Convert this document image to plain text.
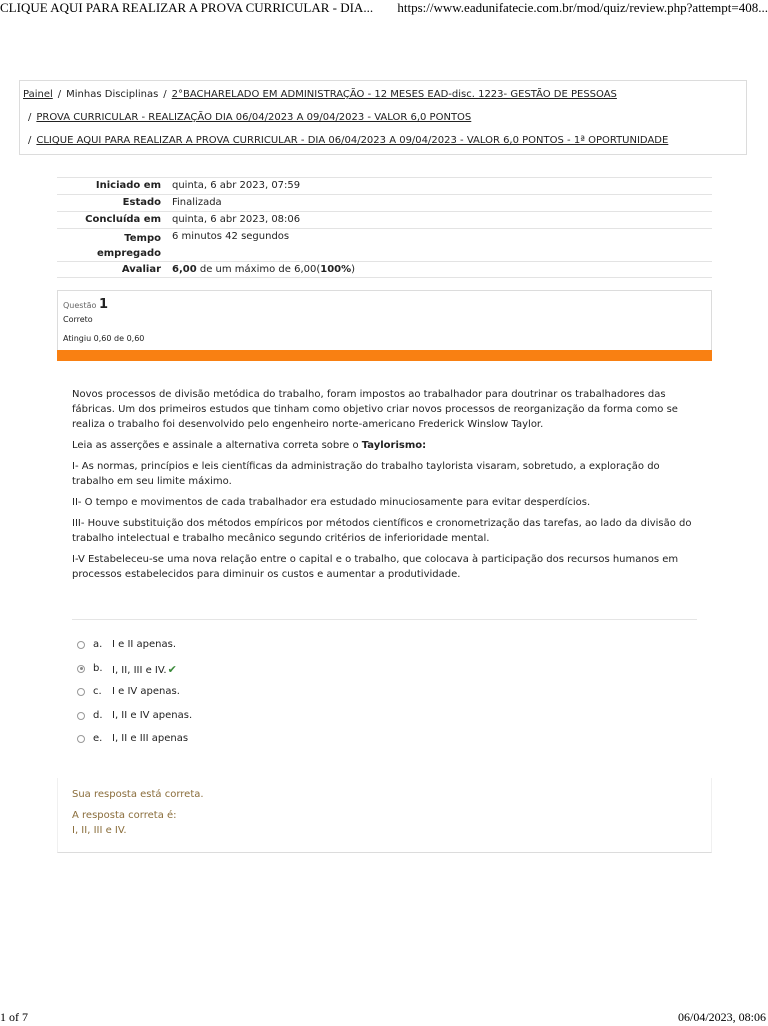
CLIQUE AQUI PARA REALIZAR A PROVA CURRICULAR - DIA... https://www.eadunifatecie.com.br/mod/quiz/review.php?attempt=408...
Painel / Minhas Disciplinas / 2°BACHARELADO EM ADMINISTRAÇÃO - 12 MESES EAD-disc. 1223- GESTÃO DE PESSOAS
/ PROVA CURRICULAR - REALIZAÇÃO DIA 06/04/2023 A 09/04/2023 - VALOR 6,0 PONTOS
/ CLIQUE AQUI PARA REALIZAR A PROVA CURRICULAR - DIA 06/04/2023 A 09/04/2023 - VALOR 6,0 PONTOS - 1ª OPORTUNIDADE
Iniciado em quinta, 6 abr 2023, 07:59
Estado Finalizada
Concluída em quinta, 6 abr 2023, 08:06
Tempo
empregado
6 minutos 42 segundos
Avaliar 6,00 de um máximo de 6,00(100%)
Questão 1
Correto
Atingiu 0,60 de 0,60

Novos processos de divisão metódica do trabalho, foram impostos ao trabalhador para doutrinar os trabalhadores das fábricas. Um dos primeiros estudos que tinham como objetivo criar novos processos de reorganização da forma como se realiza o trabalho foi desenvolvido pelo engenheiro norte-americano Frederick Winslow Taylor.

Leia as asserções e assinale a alternativa correta sobre o Taylorismo:

I- As normas, princípios e leis científicas da administração do trabalho taylorista visaram, sobretudo, a exploração do trabalho em seu limite máximo.

II- O tempo e movimentos de cada trabalhador era estudado minuciosamente para evitar desperdícios.

III- Houve substituição dos métodos empíricos por métodos científicos e cronometrização das tarefas, ao lado da divisão do trabalho intelectual e trabalho mecânico segundo critérios de inferioridade mental.

I-V Estabeleceu-se uma nova relação entre o capital e o trabalho, que colocava à participação dos recursos humanos em processos estabelecidos para diminuir os custos e aumentar a produtividade.

a. I e II apenas.
b. I, II, III e IV.✔
c. I e IV apenas.
d. I, II e IV apenas.
e. I, II e III apenas
Sua resposta está correta.
A resposta correta é:
I, II, III e IV.
1 of 7	06/04/2023, 08:06
